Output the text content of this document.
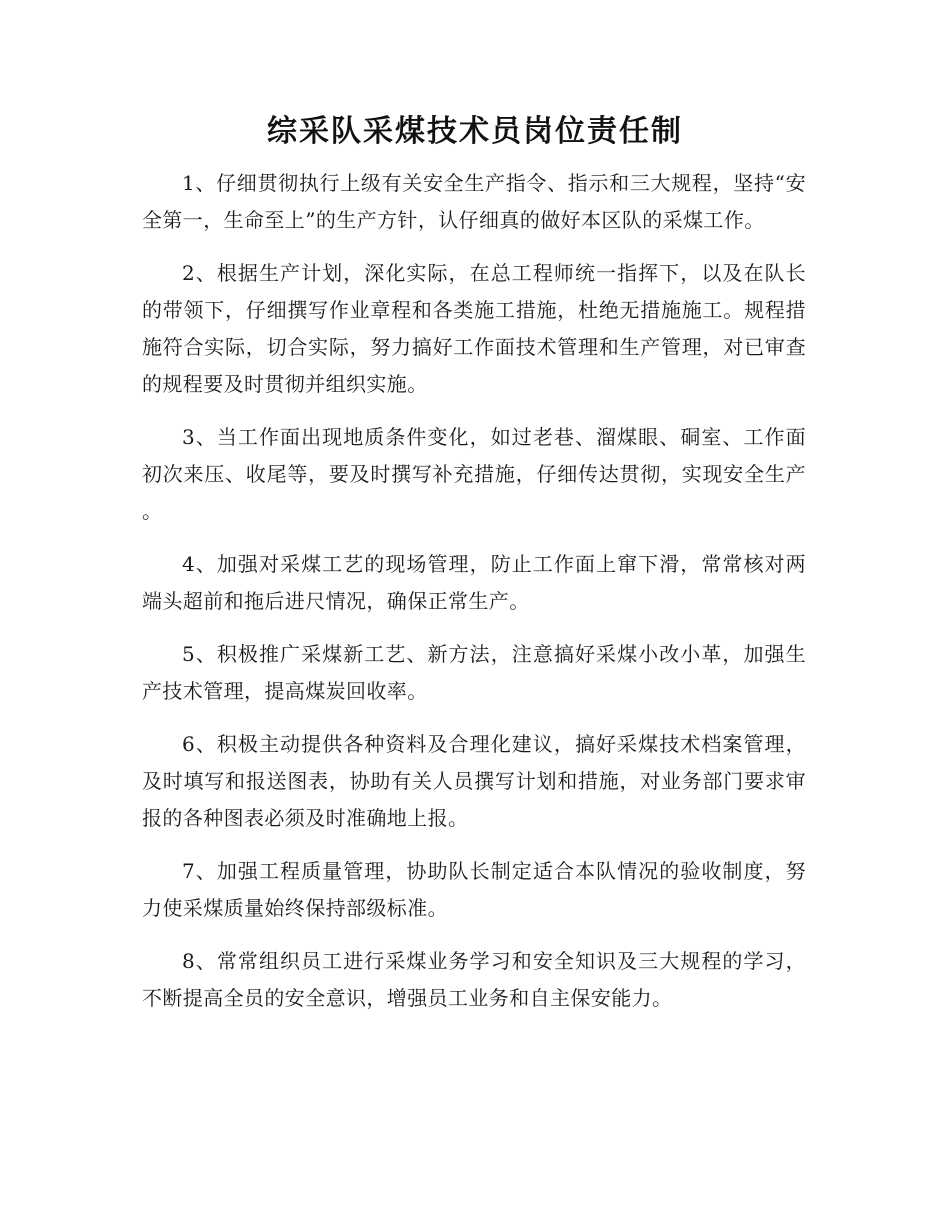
综采队采煤技术员岗位责任制

1、仔细贯彻执行上级有关安全生产指令、指示和三大规程，坚持“安全第一，生命至上”的生产方针，认仔细真的做好本区队的采煤工作。

2、根据生产计划，深化实际，在总工程师统一指挥下，以及在队长的带领下，仔细撰写作业章程和各类施工措施，杜绝无措施施工。规程措施符合实际，切合实际，努力搞好工作面技术管理和生产管理，对已审查的规程要及时贯彻并组织实施。

3、当工作面出现地质条件变化，如过老巷、溜煤眼、硐室、工作面初次来压、收尾等，要及时撰写补充措施，仔细传达贯彻，实现安全生产。

4、加强对采煤工艺的现场管理，防止工作面上窜下滑，常常核对两端头超前和拖后进尺情况，确保正常生产。

5、积极推广采煤新工艺、新方法，注意搞好采煤小改小革，加强生产技术管理，提高煤炭回收率。

6、积极主动提供各种资料及合理化建议，搞好采煤技术档案管理，及时填写和报送图表，协助有关人员撰写计划和措施，对业务部门要求审报的各种图表必须及时准确地上报。

7、加强工程质量管理，协助队长制定适合本队情况的验收制度，努力使采煤质量始终保持部级标准。

8、常常组织员工进行采煤业务学习和安全知识及三大规程的学习，不断提高全员的安全意识，增强员工业务和自主保安能力。
